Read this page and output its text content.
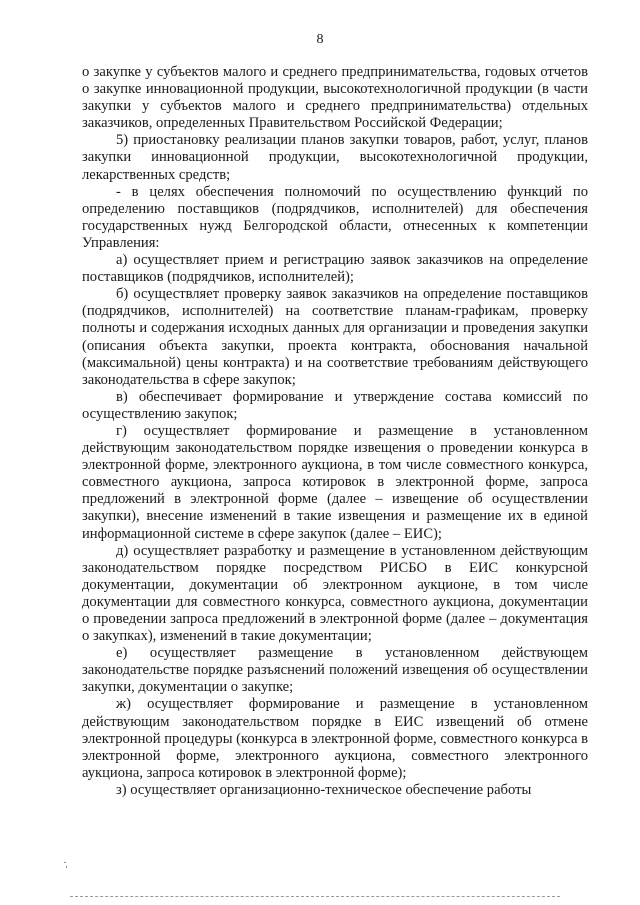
8

о закупке у субъектов малого и среднего предпринимательства, годовых отчетов о закупке инновационной продукции, высокотехнологичной продукции (в части закупки у субъектов малого и среднего предпринимательства) отдельных заказчиков, определенных Правительством Российской Федерации;

5) приостановку реализации планов закупки товаров, работ, услуг, планов закупки инновационной продукции, высокотехнологичной продукции, лекарственных средств;

- в целях обеспечения полномочий по осуществлению функций по определению поставщиков (подрядчиков, исполнителей) для обеспечения государственных нужд Белгородской области, отнесенных к компетенции Управления:

а) осуществляет прием и регистрацию заявок заказчиков на определение поставщиков (подрядчиков, исполнителей);

б) осуществляет проверку заявок заказчиков на определение поставщиков (подрядчиков, исполнителей) на соответствие планам-графикам, проверку полноты и содержания исходных данных для организации и проведения закупки (описания объекта закупки, проекта контракта, обоснования начальной (максимальной) цены контракта) и на соответствие требованиям действующего законодательства в сфере закупок;

в) обеспечивает формирование и утверждение состава комиссий по осуществлению закупок;

г) осуществляет формирование и размещение в установленном действующим законодательством порядке извещения о проведении конкурса в электронной форме, электронного аукциона, в том числе совместного конкурса, совместного аукциона, запроса котировок в электронной форме, запроса предложений в электронной форме (далее – извещение об осуществлении закупки), внесение изменений в такие извещения и размещение их в единой информационной системе в сфере закупок (далее – ЕИС);

д) осуществляет разработку и размещение в установленном действующим законодательством порядке посредством РИСБО в ЕИС конкурсной документации, документации об электронном аукционе, в том числе документации для совместного конкурса, совместного аукциона, документации о проведении запроса предложений в электронной форме (далее – документация о закупках), изменений в такие документации;

е) осуществляет размещение в установленном действующем законодательстве порядке разъяснений положений извещения об осуществлении закупки, документации о закупке;

ж) осуществляет формирование и размещение в установленном действующим законодательством порядке в ЕИС извещений об отмене электронной процедуры (конкурса в электронной форме, совместного конкурса в электронной форме, электронного аукциона, совместного электронного аукциона, запроса котировок в электронной форме);

з) осуществляет организационно-техническое обеспечение работы
